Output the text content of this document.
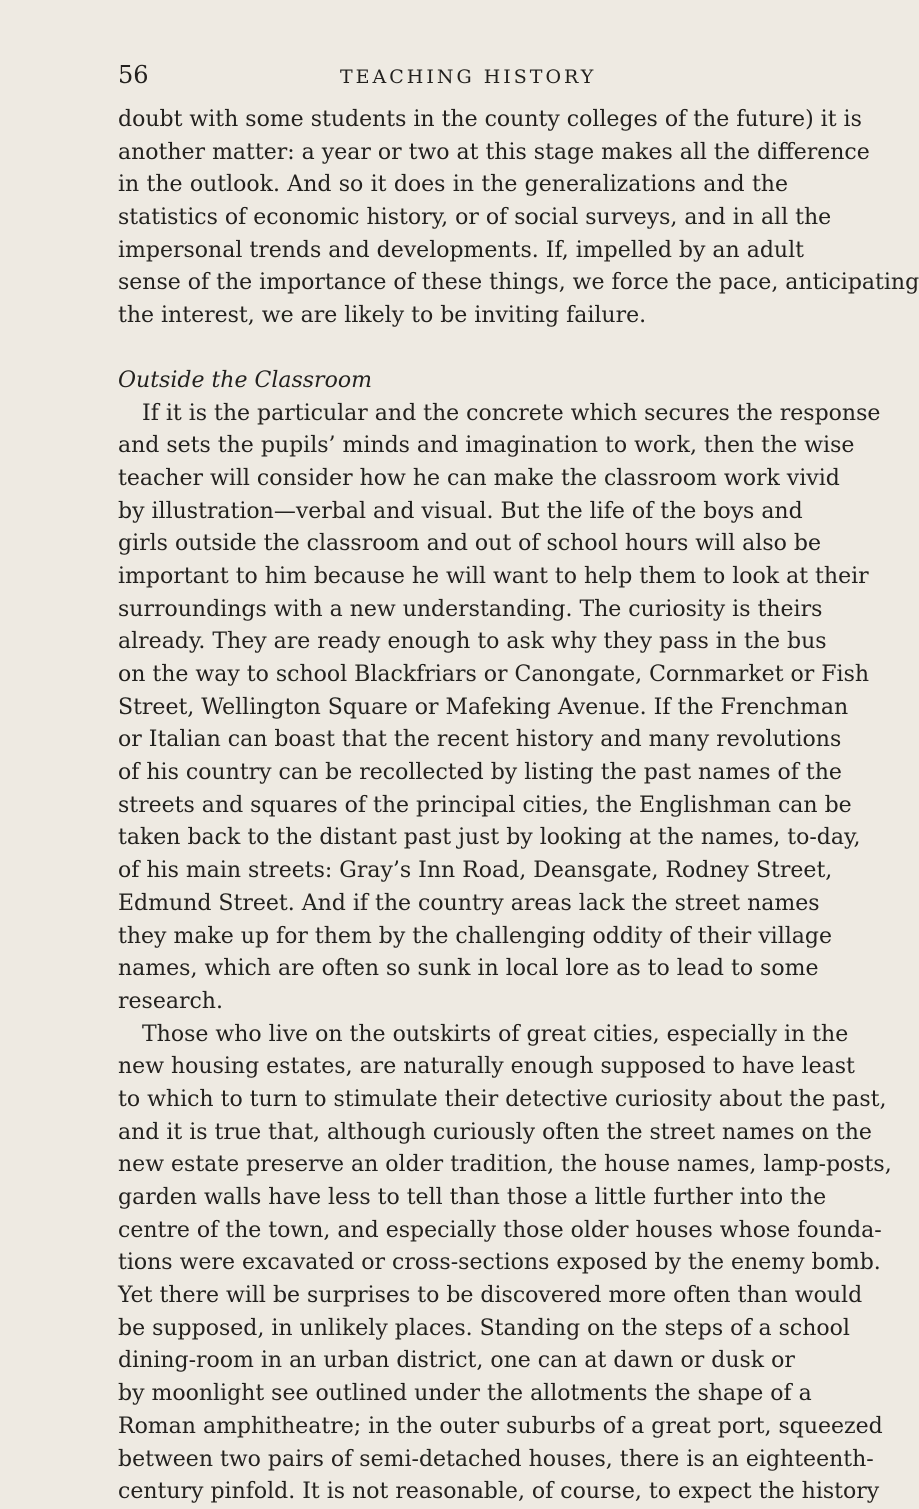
56	TEACHING HISTORY
doubt with some students in the county colleges of the future) it is
another matter: a year or two at this stage makes all the difference
in the outlook. And so it does in the generalizations and the
statistics of economic history, or of social surveys, and in all the
impersonal trends and developments. If, impelled by an adult
sense of the importance of these things, we force the pace, anticipating
the interest, we are likely to be inviting failure.
Outside the Classroom
If it is the particular and the concrete which secures the response
and sets the pupils’ minds and imagination to work, then the wise
teacher will consider how he can make the classroom work vivid
by illustration—verbal and visual. But the life of the boys and
girls outside the classroom and out of school hours will also be
important to him because he will want to help them to look at their
surroundings with a new understanding. The curiosity is theirs
already. They are ready enough to ask why they pass in the bus
on the way to school Blackfriars or Canongate, Cornmarket or Fish
Street, Wellington Square or Mafeking Avenue. If the Frenchman
or Italian can boast that the recent history and many revolutions
of his country can be recollected by listing the past names of the
streets and squares of the principal cities, the Englishman can be
taken back to the distant past just by looking at the names, to-day,
of his main streets: Gray’s Inn Road, Deansgate, Rodney Street,
Edmund Street. And if the country areas lack the street names
they make up for them by the challenging oddity of their village
names, which are often so sunk in local lore as to lead to some
research.
Those who live on the outskirts of great cities, especially in the
new housing estates, are naturally enough supposed to have least
to which to turn to stimulate their detective curiosity about the past,
and it is true that, although curiously often the street names on the
new estate preserve an older tradition, the house names, lamp-posts,
garden walls have less to tell than those a little further into the
centre of the town, and especially those older houses whose founda-
tions were excavated or cross-sections exposed by the enemy bomb.
Yet there will be surprises to be discovered more often than would
be supposed, in unlikely places. Standing on the steps of a school
dining-room in an urban district, one can at dawn or dusk or
by moonlight see outlined under the allotments the shape of a
Roman amphitheatre; in the outer suburbs of a great port, squeezed
between two pairs of semi-detached houses, there is an eighteenth-
century pinfold. It is not reasonable, of course, to expect the history
